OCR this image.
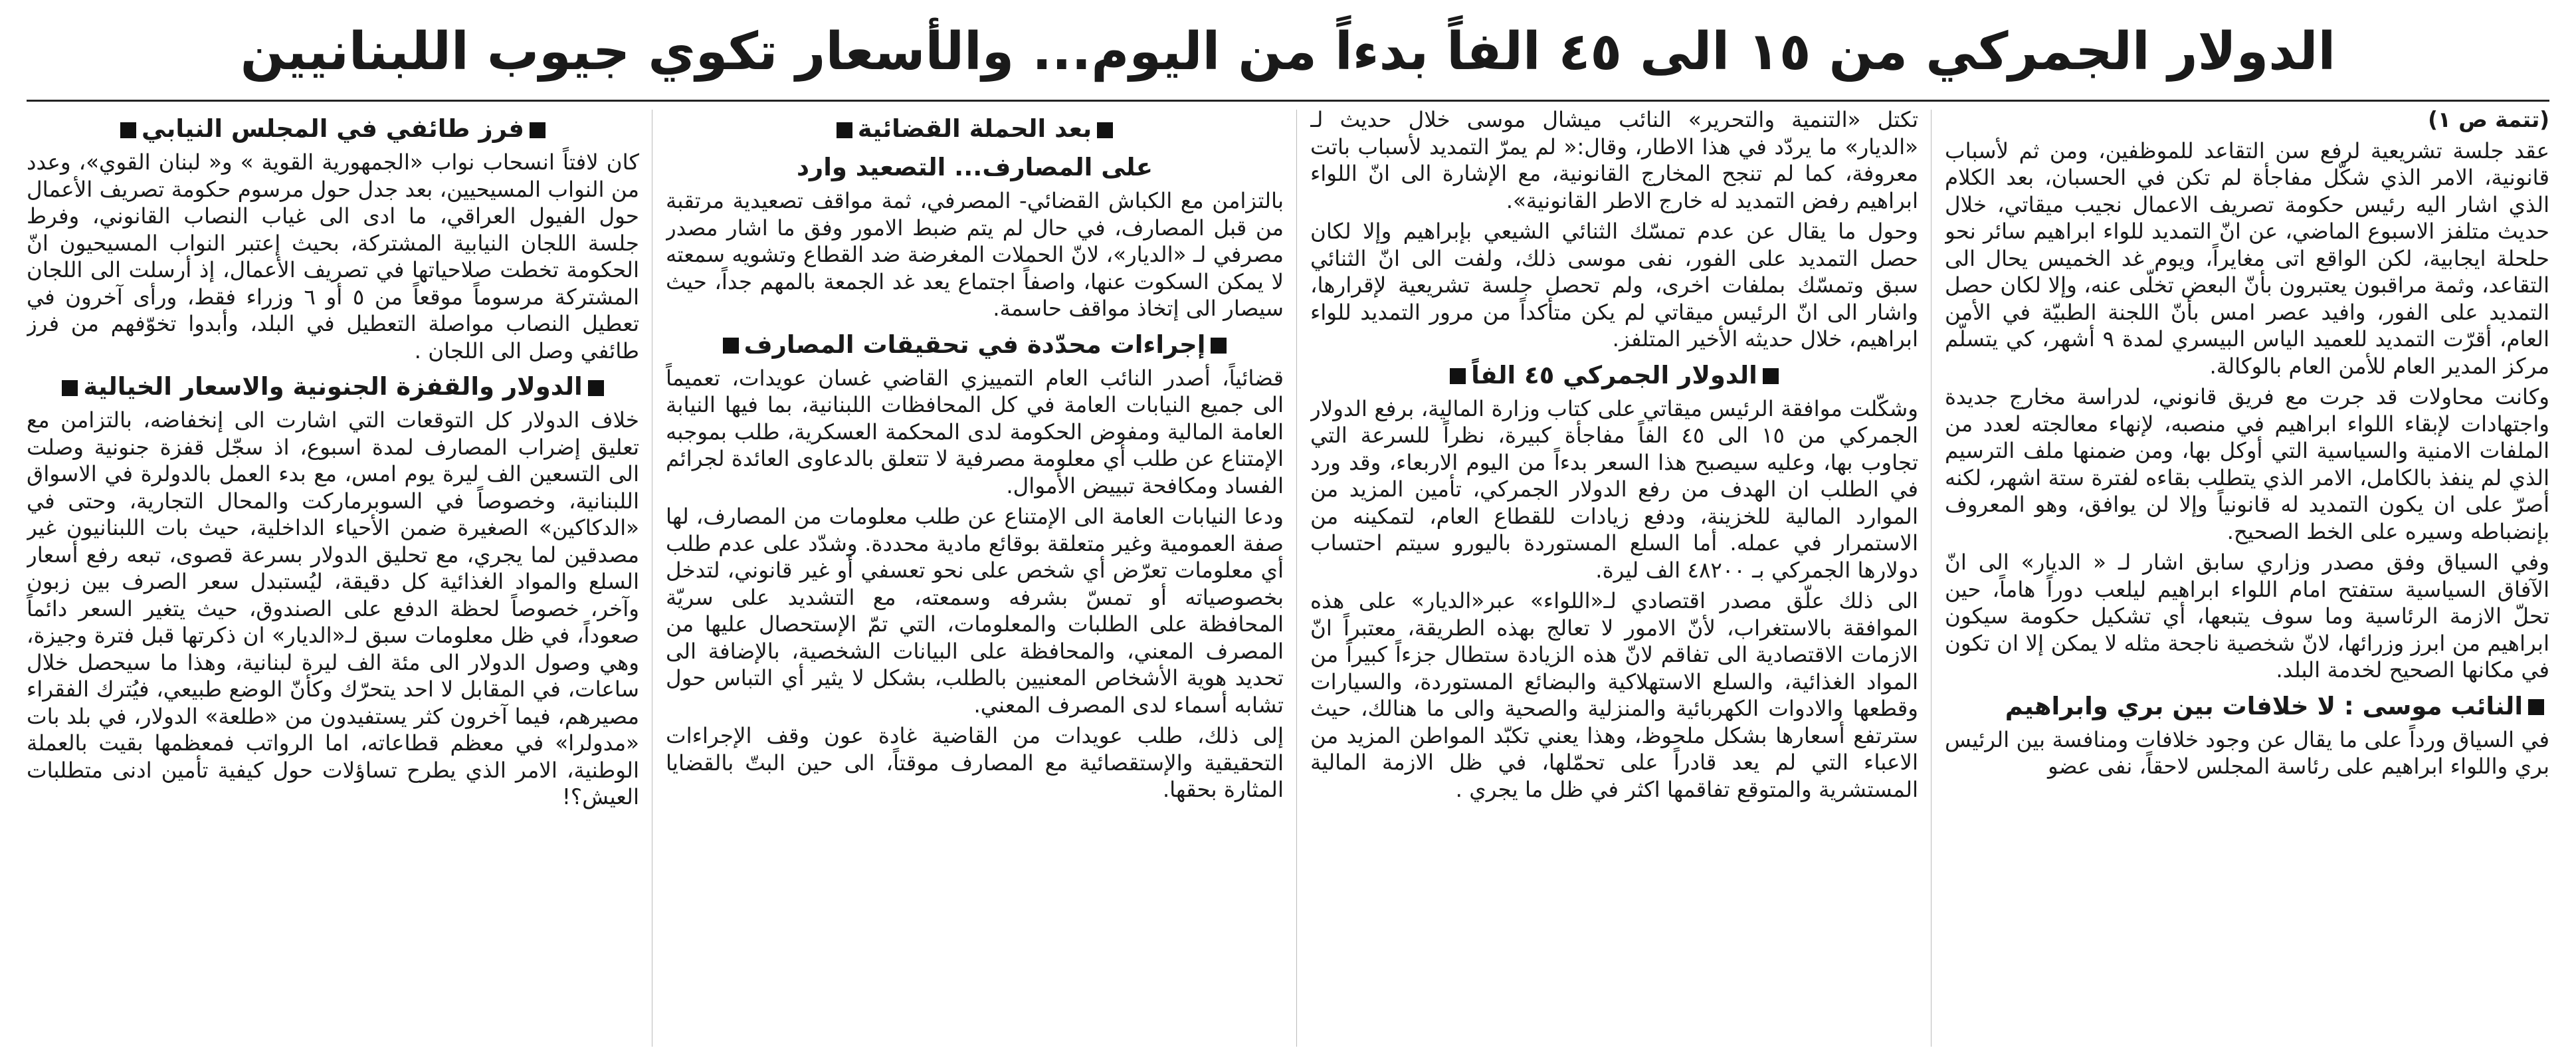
الدولار الجمركي من ١٥ الى ٤٥ الفاً بدءاً من اليوم... والأسعار تكوي جيوب اللبنانيين

(تتمة ص ١)

عقد جلسة تشريعية لرفع سن التقاعد للموظفين، ومن ثم لأسباب قانونية، الامر الذي شكّل مفاجأة لم تكن في الحسبان، بعد الكلام الذي اشار اليه رئيس حكومة تصريف الاعمال نجيب ميقاتي، خلال حديث متلفز الاسبوع الماضي، عن انّ التمديد للواء ابراهيم سائر نحو حلحلة ايجابية، لكن الواقع اتى مغايراً، ويوم غد الخميس يحال الى التقاعد، وثمة مراقبون يعتبرون بأنّ البعض تخلّى عنه، وإلا لكان حصل التمديد على الفور، وافيد عصر امس بأنّ اللجنة الطبيّة في الأمن العام، أقرّت التمديد للعميد الياس البيسري لمدة ٩ أشهر، كي يتسلّم مركز المدير العام للأمن العام بالوكالة.

وكانت محاولات قد جرت مع فريق قانوني، لدراسة مخارج جديدة واجتهادات لإبقاء اللواء ابراهيم في منصبه، لإنهاء معالجته لعدد من الملفات الامنية والسياسية التي أوكل بها، ومن ضمنها ملف الترسيم الذي لم ينفذ بالكامل، الامر الذي يتطلب بقاءه لفترة ستة اشهر، لكنه أصرّ على ان يكون التمديد له قانونياً وإلا لن يوافق، وهو المعروف بإنضباطه وسيره على الخط الصحيح.

وفي السياق وفق مصدر وزاري سابق اشار لـ « الديار» الى انّ الآفاق السياسية ستفتح امام اللواء ابراهيم ليلعب دوراً هاماً، حين تحلّ الازمة الرئاسية وما سوف يتبعها، أي تشكيل حكومة سيكون ابراهيم من ابرز وزرائها، لانّ شخصية ناجحة مثله لا يمكن إلا ان تكون في مكانها الصحيح لخدمة البلد.

النائب موسى : لا خلافات بين بري وابراهيم

في السياق ورداً على ما يقال عن وجود خلافات ومنافسة بين الرئيس بري واللواء ابراهيم على رئاسة المجلس لاحقاً، نفى عضو

تكتل «التنمية والتحرير» النائب ميشال موسى خلال حديث لـ «الديار» ما يردّد في هذا الاطار، وقال:« لم يمرّ التمديد لأسباب باتت معروفة، كما لم تنجح المخارج القانونية، مع الإشارة الى انّ اللواء ابراهيم رفض التمديد له خارج الاطر القانونية».

وحول ما يقال عن عدم تمسّك الثنائي الشيعي بإبراهيم وإلا لكان حصل التمديد على الفور، نفى موسى ذلك، ولفت الى انّ الثنائي سبق وتمسّك بملفات اخرى، ولم تحصل جلسة تشريعية لإقرارها، واشار الى انّ الرئيس ميقاتي لم يكن متأكداً من مرور التمديد للواء ابراهيم، خلال حديثه الأخير المتلفز.

الدولار الجمركي ٤٥ الفاً

وشكّلت موافقة الرئيس ميقاتي على كتاب وزارة المالية، برفع الدولار الجمركي من ١٥ الى ٤٥ الفاً مفاجأة كبيرة، نظراً للسرعة التي تجاوب بها، وعليه سيصبح هذا السعر بدءاً من اليوم الاربعاء، وقد ورد في الطلب ان الهدف من رفع الدولار الجمركي، تأمين المزيد من الموارد المالية للخزينة، ودفع زيادات للقطاع العام، لتمكينه من الاستمرار في عمله. أما السلع المستوردة باليورو سيتم احتساب دولارها الجمركي بـ ٤٨٢٠٠ الف ليرة.

الى ذلك علّق مصدر اقتصادي لـ«اللواء» عبر«الديار» على هذه الموافقة بالاستغراب، لأنّ الامور لا تعالج بهذه الطريقة، معتبراً انّ الازمات الاقتصادية الى تفاقم لانّ هذه الزيادة ستطال جزءاً كبيراً من المواد الغذائية، والسلع الاستهلاكية والبضائع المستوردة، والسيارات وقطعها والادوات الكهربائية والمنزلية والصحية والى ما هنالك، حيث سترتفع أسعارها بشكل ملحوظ، وهذا يعني تكبّد المواطن المزيد من الاعباء التي لم يعد قادراً على تحمّلها، في ظل الازمة المالية المستشرية والمتوقع تفاقمها اكثر في ظل ما يجري .

بعد الحملة القضائية
على المصارف... التصعيد وارد

بالتزامن مع الكباش القضائي- المصرفي، ثمة مواقف تصعيدية مرتقبة من قبل المصارف، في حال لم يتم ضبط الامور وفق ما اشار مصدر مصرفي لـ «الديار»، لانّ الحملات المغرضة ضد القطاع وتشويه سمعته لا يمكن السكوت عنها، واصفاً اجتماع يعد غد الجمعة بالمهم جداً، حيث سيصار الى إتخاذ مواقف حاسمة.

إجراءات محدّدة في تحقيقات المصارف

قضائياً، أصدر النائب العام التمييزي القاضي غسان عويدات، تعميماً الى جميع النيابات العامة في كل المحافظات اللبنانية، بما فيها النيابة العامة المالية ومفوض الحكومة لدى المحكمة العسكرية، طلب بموجبه الإمتناع عن طلب أي معلومة مصرفية لا تتعلق بالدعاوى العائدة لجرائم الفساد ومكافحة تبييض الأموال.

ودعا النيابات العامة الى الإمتناع عن طلب معلومات من المصارف، لها صفة العمومية وغير متعلقة بوقائع مادية محددة. وشدّد على عدم طلب أي معلومات تعرّض أي شخص على نحو تعسفي أو غير قانوني، لتدخل بخصوصياته أو تمسّ بشرفه وسمعته، مع التشديد على سريّة المحافظة على الطلبات والمعلومات، التي تمّ الإستحصال عليها من المصرف المعني، والمحافظة على البيانات الشخصية، بالإضافة الى تحديد هوية الأشخاص المعنيين بالطلب، بشكل لا يثير أي التباس حول تشابه أسماء لدى المصرف المعني.

إلى ذلك، طلب عويدات من القاضية غادة عون وقف الإجراءات التحقيقية والإستقصائية مع المصارف موقتاً، الى حين البتّ بالقضايا المثارة بحقها.

فرز طائفي في المجلس النيابي

كان لافتاً انسحاب نواب «الجمهورية القوية » و« لبنان القوي»، وعدد من النواب المسيحيين، بعد جدل حول مرسوم حكومة تصريف الأعمال حول الفيول العراقي، ما ادى الى غياب النصاب القانوني، وفرط جلسة اللجان النيابية المشتركة، بحيث إعتبر النواب المسيحيون انّ الحكومة تخطت صلاحياتها في تصريف الأعمال، إذ أرسلت الى اللجان المشتركة مرسوماً موقعاً من ٥ أو ٦ وزراء فقط، ورأى آخرون في تعطيل النصاب مواصلة التعطيل في البلد، وأبدوا تخوّفهم من فرز طائفي وصل الى اللجان .

الدولار والقفزة الجنونية والاسعار الخيالية

خلاف الدولار كل التوقعات التي اشارت الى إنخفاضه، بالتزامن مع تعليق إضراب المصارف لمدة اسبوع، اذ سجّل قفزة جنونية وصلت الى التسعين الف ليرة يوم امس، مع بدء العمل بالدولرة في الاسواق اللبنانية، وخصوصاً في السوبرماركت والمحال التجارية، وحتى في «الدكاكين» الصغيرة ضمن الأحياء الداخلية، حيث بات اللبنانيون غير مصدقين لما يجري، مع تحليق الدولار بسرعة قصوى، تبعه رفع أسعار السلع والمواد الغذائية كل دقيقة، ليُستبدل سعر الصرف بين زبون وآخر، خصوصاً لحظة الدفع على الصندوق، حيث يتغير السعر دائماً صعوداً، في ظل معلومات سبق لـ«الديار» ان ذكرتها قبل فترة وجيزة، وهي وصول الدولار الى مئة الف ليرة لبنانية، وهذا ما سيحصل خلال ساعات، في المقابل لا احد يتحرّك وكأنّ الوضع طبيعي، فيُترك الفقراء مصيرهم، فيما آخرون كثر يستفيدون من «طلعة» الدولار، في بلد بات «مدولرا» في معظم قطاعاته، اما الرواتب فمعظمها بقيت بالعملة الوطنية، الامر الذي يطرح تساؤلات حول كيفية تأمين ادنى متطلبات العيش؟!
